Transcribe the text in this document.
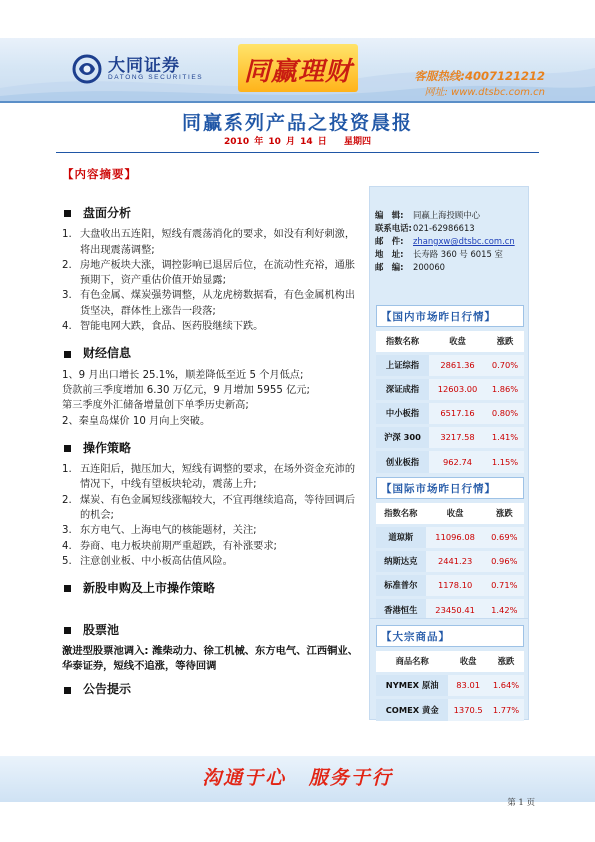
大同证券
DATONG SECURITIES 同赢理财	客服热线:4007121212
网址: www.dtsbc.com.cn
同赢系列产品之投资晨报
2010 年 10 月 14 日 星期四
【内容摘要】
盘面分析
1. 大盘收出五连阳，短线有震荡消化的要求，如没有利好刺激，将出现震荡调整;
2. 房地产板块大涨，调控影响已退居后位，在流动性充裕，通胀预期下，资产重估价值开始显露;
3. 有色金属、煤炭强势调整，从龙虎榜数据看，有色金属机构出货坚决，群体性上涨告一段落;
4. 智能电网大跌，食品、医药股继续下跌。
财经信息
1、9 月出口增长 25.1%，顺差降低至近 5 个月低点;
贷款前三季度增加 6.30 万亿元，9 月增加 5955 亿元;
第三季度外汇储备增量创下单季历史新高;
2、秦皇岛煤价 10 月向上突破。
操作策略
1. 五连阳后，抛压加大，短线有调整的要求，在场外资金充沛的情况下，中线有望板块轮动，震荡上升;
2. 煤炭、有色金属短线涨幅较大，不宜再继续追高，等待回调后的机会;
3. 东方电气、上海电气的核能题材，关注;
4. 券商、电力板块前期严重超跌，有补涨要求;
5. 注意创业板、中小板高估值风险。
新股申购及上市操作策略
股票池
激进型股票池调入: 潍柴动力、徐工机械、东方电气、江西铜业、华泰证券，短线不追涨，等待回调
公告提示
编　辑:	同赢上海投顾中心
联系电话: 021-62986613
邮　件:	zhangxw@dtsbc.com.cn
地　址:	长寿路 360 号 6015 室
邮　编:	200060
【国内市场昨日行情】
指数名称	收盘	涨跌
上证综指	2861.36	0.70%
深证成指	12603.00	1.86%
中小板指	6517.16	0.80%
沪深 300	3217.58	1.41%
创业板指	962.74	1.15%
【国际市场昨日行情】
指数名称	收盘	涨跌
道琼斯	11096.08	0.69%
纳斯达克	2441.23	0.96%
标准普尔	1178.10	0.71%
香港恒生	23450.41	1.42%
【大宗商品】
商品名称	收盘	涨跌
NYMEX 原油	83.01	1.64%
COMEX 黄金	1370.5	1.77%
沟通于心 服务于行
第 1 页
